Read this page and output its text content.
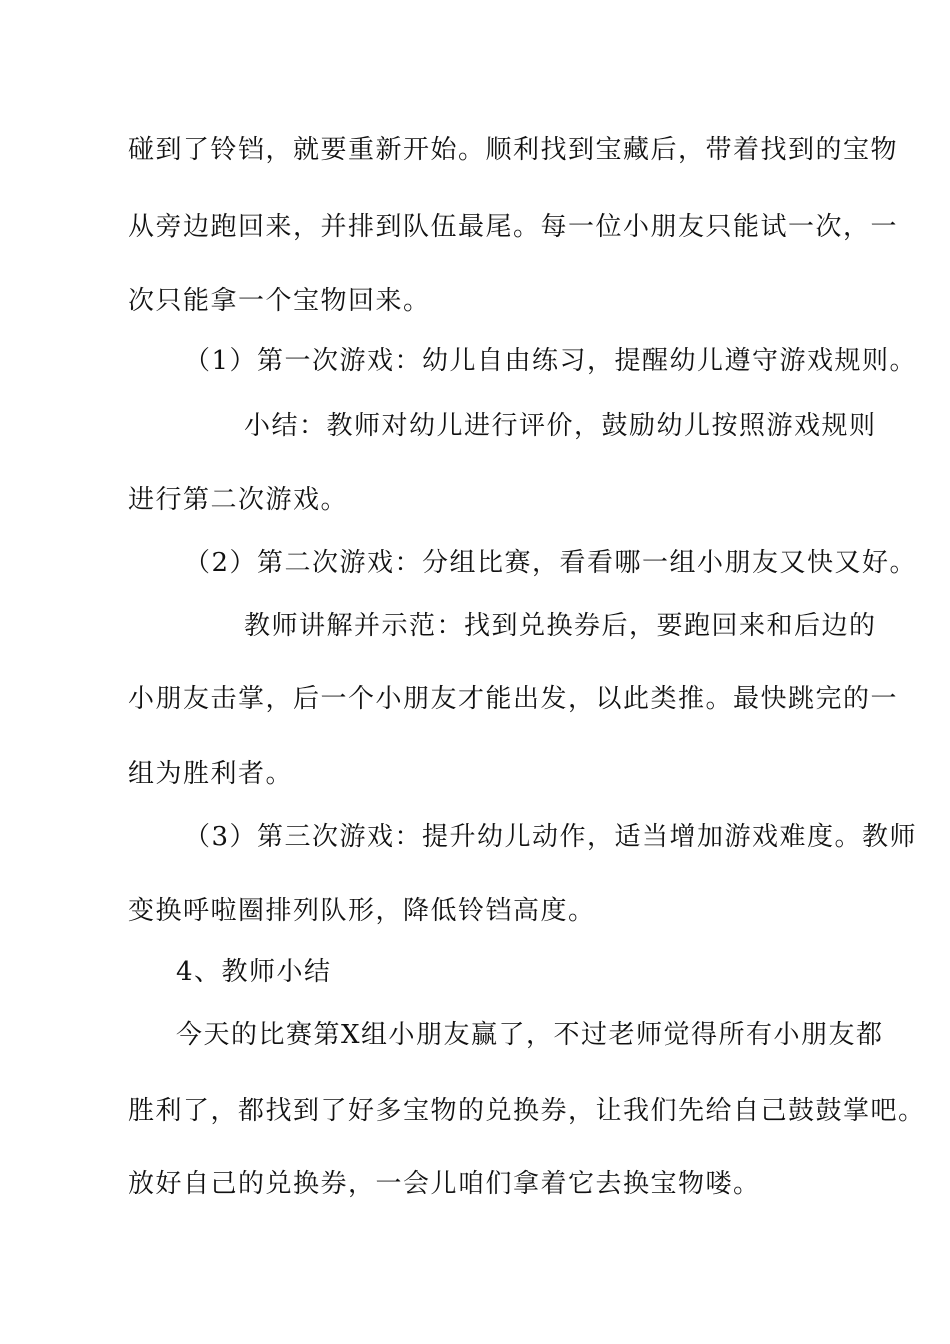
碰到了铃铛，就要重新开始。顺利找到宝藏后，带着找到的宝物
从旁边跑回来，并排到队伍最尾。每一位小朋友只能试一次，一
次只能拿一个宝物回来。
（1）第一次游戏：幼儿自由练习，提醒幼儿遵守游戏规则。
小结：教师对幼儿进行评价，鼓励幼儿按照游戏规则
进行第二次游戏。
（2）第二次游戏：分组比赛，看看哪一组小朋友又快又好。
教师讲解并示范：找到兑换券后，要跑回来和后边的
小朋友击掌，后一个小朋友才能出发，以此类推。最快跳完的一
组为胜利者。
（3）第三次游戏：提升幼儿动作，适当增加游戏难度。教师
变换呼啦圈排列队形，降低铃铛高度。
4、教师小结
今天的比赛第X组小朋友赢了，不过老师觉得所有小朋友都
胜利了，都找到了好多宝物的兑换券，让我们先给自己鼓鼓掌吧。
放好自己的兑换券，一会儿咱们拿着它去换宝物喽。
